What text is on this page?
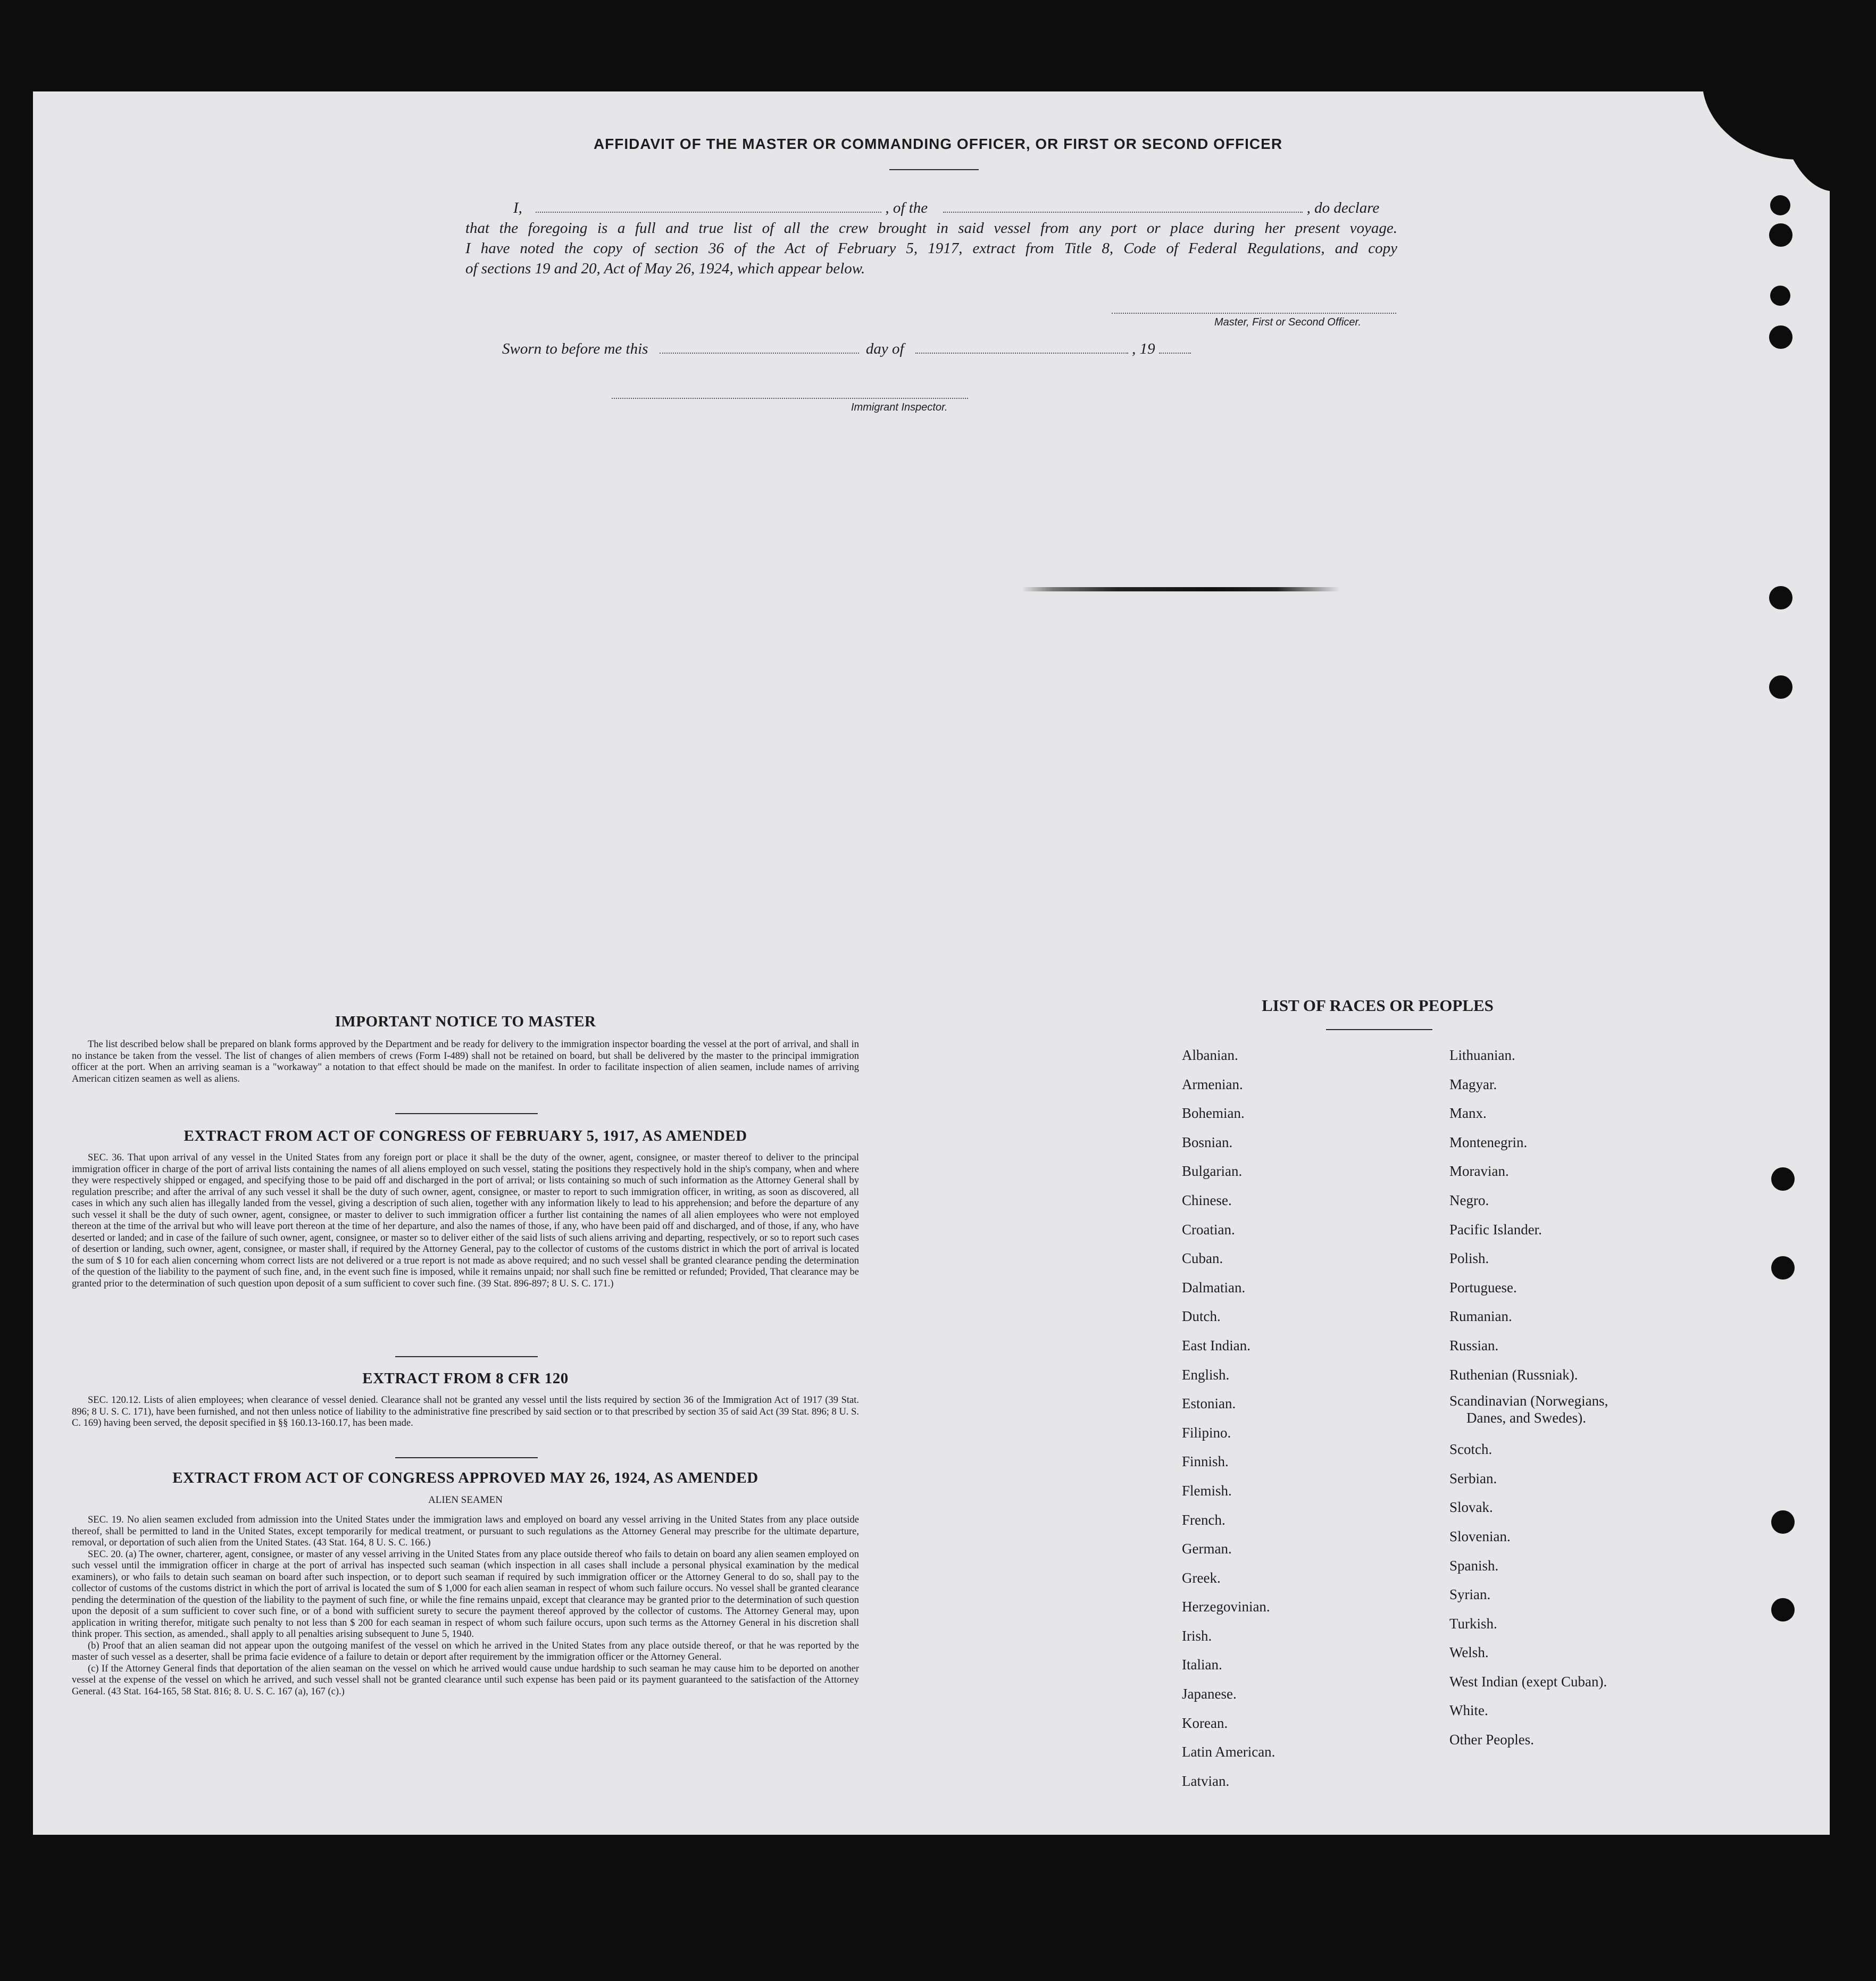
AFFIDAVIT OF THE MASTER OR COMMANDING OFFICER, OR FIRST OR SECOND OFFICER
I,	, of the	, do declare
that the foregoing is a full and true list of all the crew brought in said vessel from any port or place during her present voyage.
I have noted the copy of section 36 of the Act of February 5, 1917, extract from Title 8, Code of Federal Regulations, and copy
of sections 19 and 20, Act of May 26, 1924, which appear below.
Master, First or Second Officer.
Sworn to before me this	day of	, 19
Immigrant Inspector.
IMPORTANT NOTICE TO MASTER

The list described below shall be prepared on blank forms approved by the Department and be ready for delivery to the immigration inspector boarding the vessel at the port of arrival, and shall in no instance be taken from the vessel. The list of changes of alien members of crews (Form I-489) shall not be retained on board, but shall be delivered by the master to the principal immigration officer at the port. When an arriving seaman is a "workaway" a notation to that effect should be made on the manifest. In order to facilitate inspection of alien seamen, include names of arriving American citizen seamen as well as aliens.

EXTRACT FROM ACT OF CONGRESS OF FEBRUARY 5, 1917, AS AMENDED

SEC. 36. That upon arrival of any vessel in the United States from any foreign port or place it shall be the duty of the owner, agent, consignee, or master thereof to deliver to the principal immigration officer in charge of the port of arrival lists containing the names of all aliens employed on such vessel, stating the positions they respectively hold in the ship's company, when and where they were respectively shipped or engaged, and specifying those to be paid off and discharged in the port of arrival; or lists containing so much of such information as the Attorney General shall by regulation prescribe; and after the arrival of any such vessel it shall be the duty of such owner, agent, consignee, or master to report to such immigration officer, in writing, as soon as discovered, all cases in which any such alien has illegally landed from the vessel, giving a description of such alien, together with any information likely to lead to his apprehension; and before the departure of any such vessel it shall be the duty of such owner, agent, consignee, or master to deliver to such immigration officer a further list containing the names of all alien employees who were not employed thereon at the time of the arrival but who will leave port thereon at the time of her departure, and also the names of those, if any, who have been paid off and discharged, and of those, if any, who have deserted or landed; and in case of the failure of such owner, agent, consignee, or master so to deliver either of the said lists of such aliens arriving and departing, respectively, or so to report such cases of desertion or landing, such owner, agent, consignee, or master shall, if required by the Attorney General, pay to the collector of customs of the customs district in which the port of arrival is located the sum of $ 10 for each alien concerning whom correct lists are not delivered or a true report is not made as above required; and no such vessel shall be granted clearance pending the determination of the question of the liability to the payment of such fine, and, in the event such fine is imposed, while it remains unpaid; nor shall such fine be remitted or refunded; Provided, That clearance may be granted prior to the determination of such question upon deposit of a sum sufficient to cover such fine. (39 Stat. 896-897; 8 U. S. C. 171.)

EXTRACT FROM 8 CFR 120

SEC. 120.12. Lists of alien employees; when clearance of vessel denied. Clearance shall not be granted any vessel until the lists required by section 36 of the Immigration Act of 1917 (39 Stat. 896; 8 U. S. C. 171), have been furnished, and not then unless notice of liability to the administrative fine prescribed by said section or to that prescribed by section 35 of said Act (39 Stat. 896; 8 U. S. C. 169) having been served, the deposit specified in §§ 160.13-160.17, has been made.

EXTRACT FROM ACT OF CONGRESS APPROVED MAY 26, 1924, AS AMENDED
ALIEN SEAMEN

SEC. 19. No alien seamen excluded from admission into the United States under the immigration laws and employed on board any vessel arriving in the United States from any place outside thereof, shall be permitted to land in the United States, except temporarily for medical treatment, or pursuant to such regulations as the Attorney General may prescribe for the ultimate departure, removal, or deportation of such alien from the United States. (43 Stat. 164, 8 U. S. C. 166.)

SEC. 20. (a) The owner, charterer, agent, consignee, or master of any vessel arriving in the United States from any place outside thereof who fails to detain on board any alien seamen employed on such vessel until the immigration officer in charge at the port of arrival has inspected such seaman (which inspection in all cases shall include a personal physical examination by the medical examiners), or who fails to detain such seaman on board after such inspection, or to deport such seaman if required by such immigration officer or the Attorney General to do so, shall pay to the collector of customs of the customs district in which the port of arrival is located the sum of $ 1,000 for each alien seaman in respect of whom such failure occurs. No vessel shall be granted clearance pending the determination of the question of the liability to the payment of such fine, or while the fine remains unpaid, except that clearance may be granted prior to the determination of such question upon the deposit of a sum sufficient to cover such fine, or of a bond with sufficient surety to secure the payment thereof approved by the collector of customs. The Attorney General may, upon application in writing therefor, mitigate such penalty to not less than $ 200 for each seaman in respect of whom such failure occurs, upon such terms as the Attorney General in his discretion shall think proper. This section, as amended., shall apply to all penalties arising subsequent to June 5, 1940.

(b) Proof that an alien seaman did not appear upon the outgoing manifest of the vessel on which he arrived in the United States from any place outside thereof, or that he was reported by the master of such vessel as a deserter, shall be prima facie evidence of a failure to detain or deport after requirement by the immigration officer or the Attorney General.

(c) If the Attorney General finds that deportation of the alien seaman on the vessel on which he arrived would cause undue hardship to such seaman he may cause him to be deported on another vessel at the expense of the vessel on which he arrived, and such vessel shall not be granted clearance until such expense has been paid or its payment guaranteed to the satisfaction of the Attorney General. (43 Stat. 164-165, 58 Stat. 816; 8. U. S. C. 167 (a), 167 (c).)

LIST OF RACES OR PEOPLES
Albanian.
Armenian.
Bohemian.
Bosnian.
Bulgarian.
Chinese.
Croatian.
Cuban.
Dalmatian.
Dutch.
East Indian.
English.
Estonian.
Filipino.
Finnish.
Flemish.
French.
German.
Greek.
Herzegovinian.
Irish.
Italian.
Japanese.
Korean.
Latin American.
Latvian.
Lithuanian.
Magyar.
Manx.
Montenegrin.
Moravian.
Negro.
Pacific Islander.
Polish.
Portuguese.
Rumanian.
Russian.
Ruthenian (Russniak).
Scandinavian (Norwegians,
Danes, and Swedes).
Scotch.
Serbian.
Slovak.
Slovenian.
Spanish.
Syrian.
Turkish.
Welsh.
West Indian (exept Cuban).
White.
Other Peoples.
